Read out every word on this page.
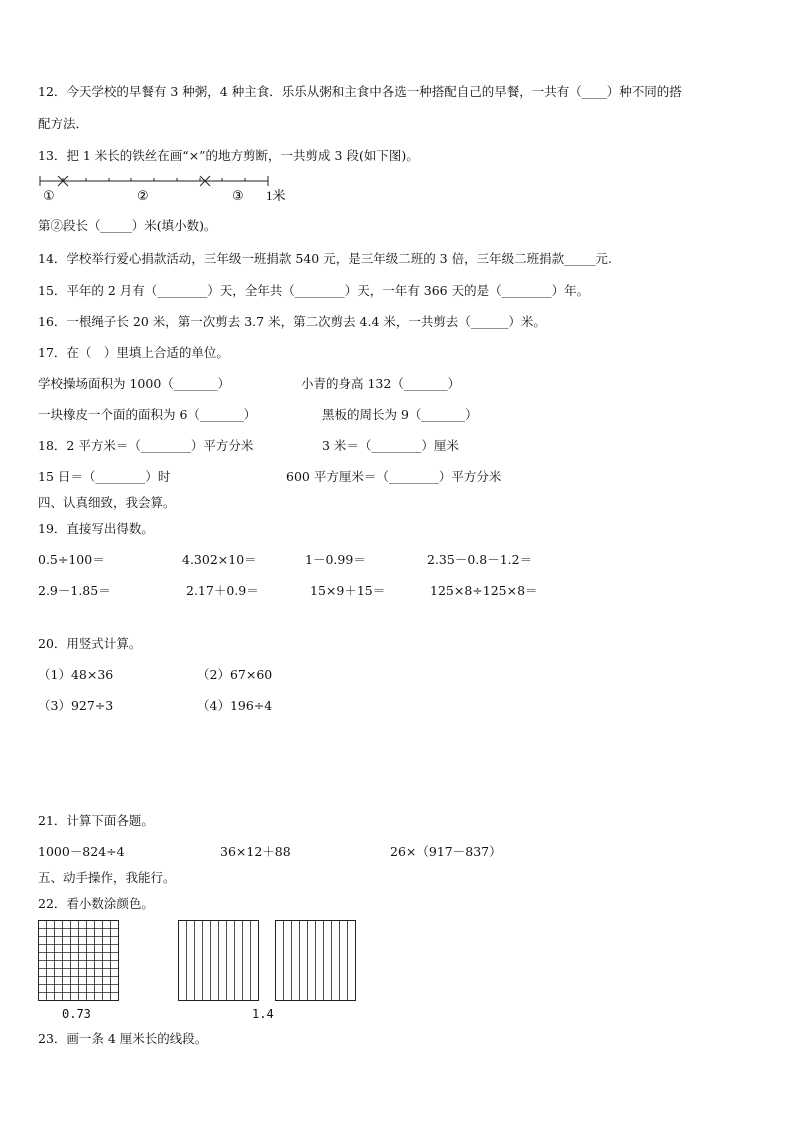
12．今天学校的早餐有 3 种粥，4 种主食．乐乐从粥和主食中各选一种搭配自己的早餐，一共有（____）种不同的搭
配方法．
13．把 1 米长的铁丝在画“×”的地方剪断，一共剪成 3 段(如下图)。
①	②	③ 1米
第②段长（_____）米(填小数)。
14．学校举行爱心捐款活动，三年级一班捐款 540 元，是三年级二班的 3 倍，三年级二班捐款_____元.
15．平年的 2 月有（________）天，全年共（________）天，一年有 366 天的是（________）年。
16．一根绳子长 20 米，第一次剪去 3.7 米，第二次剪去 4.4 米，一共剪去（______）米。
17．在（　）里填上合适的单位。
学校操场面积为 1000（_______）	小青的身高 132（_______）
一块橡皮一个面的面积为 6（_______）	黑板的周长为 9（_______）
18．2 平方米＝（________）平方分米	3 米＝（________）厘米
15 日＝（________）时	600 平方厘米＝（________）平方分米
四、认真细致，我会算。
19．直接写出得数。
0.5÷100＝	4.302×10＝	1－0.99＝	2.35－0.8－1.2＝
2.9－1.85＝	2.17＋0.9＝	15×9＋15＝	125×8÷125×8＝
20．用竖式计算。
（1）48×36	（2）67×60
（3）927÷3	（4）196÷4
21．计算下面各题。
1000－824÷4	36×12＋88	26×（917－837）
五、动手操作，我能行。
22．看小数涂颜色。
0.73	1.4
23．画一条 4 厘米长的线段。
